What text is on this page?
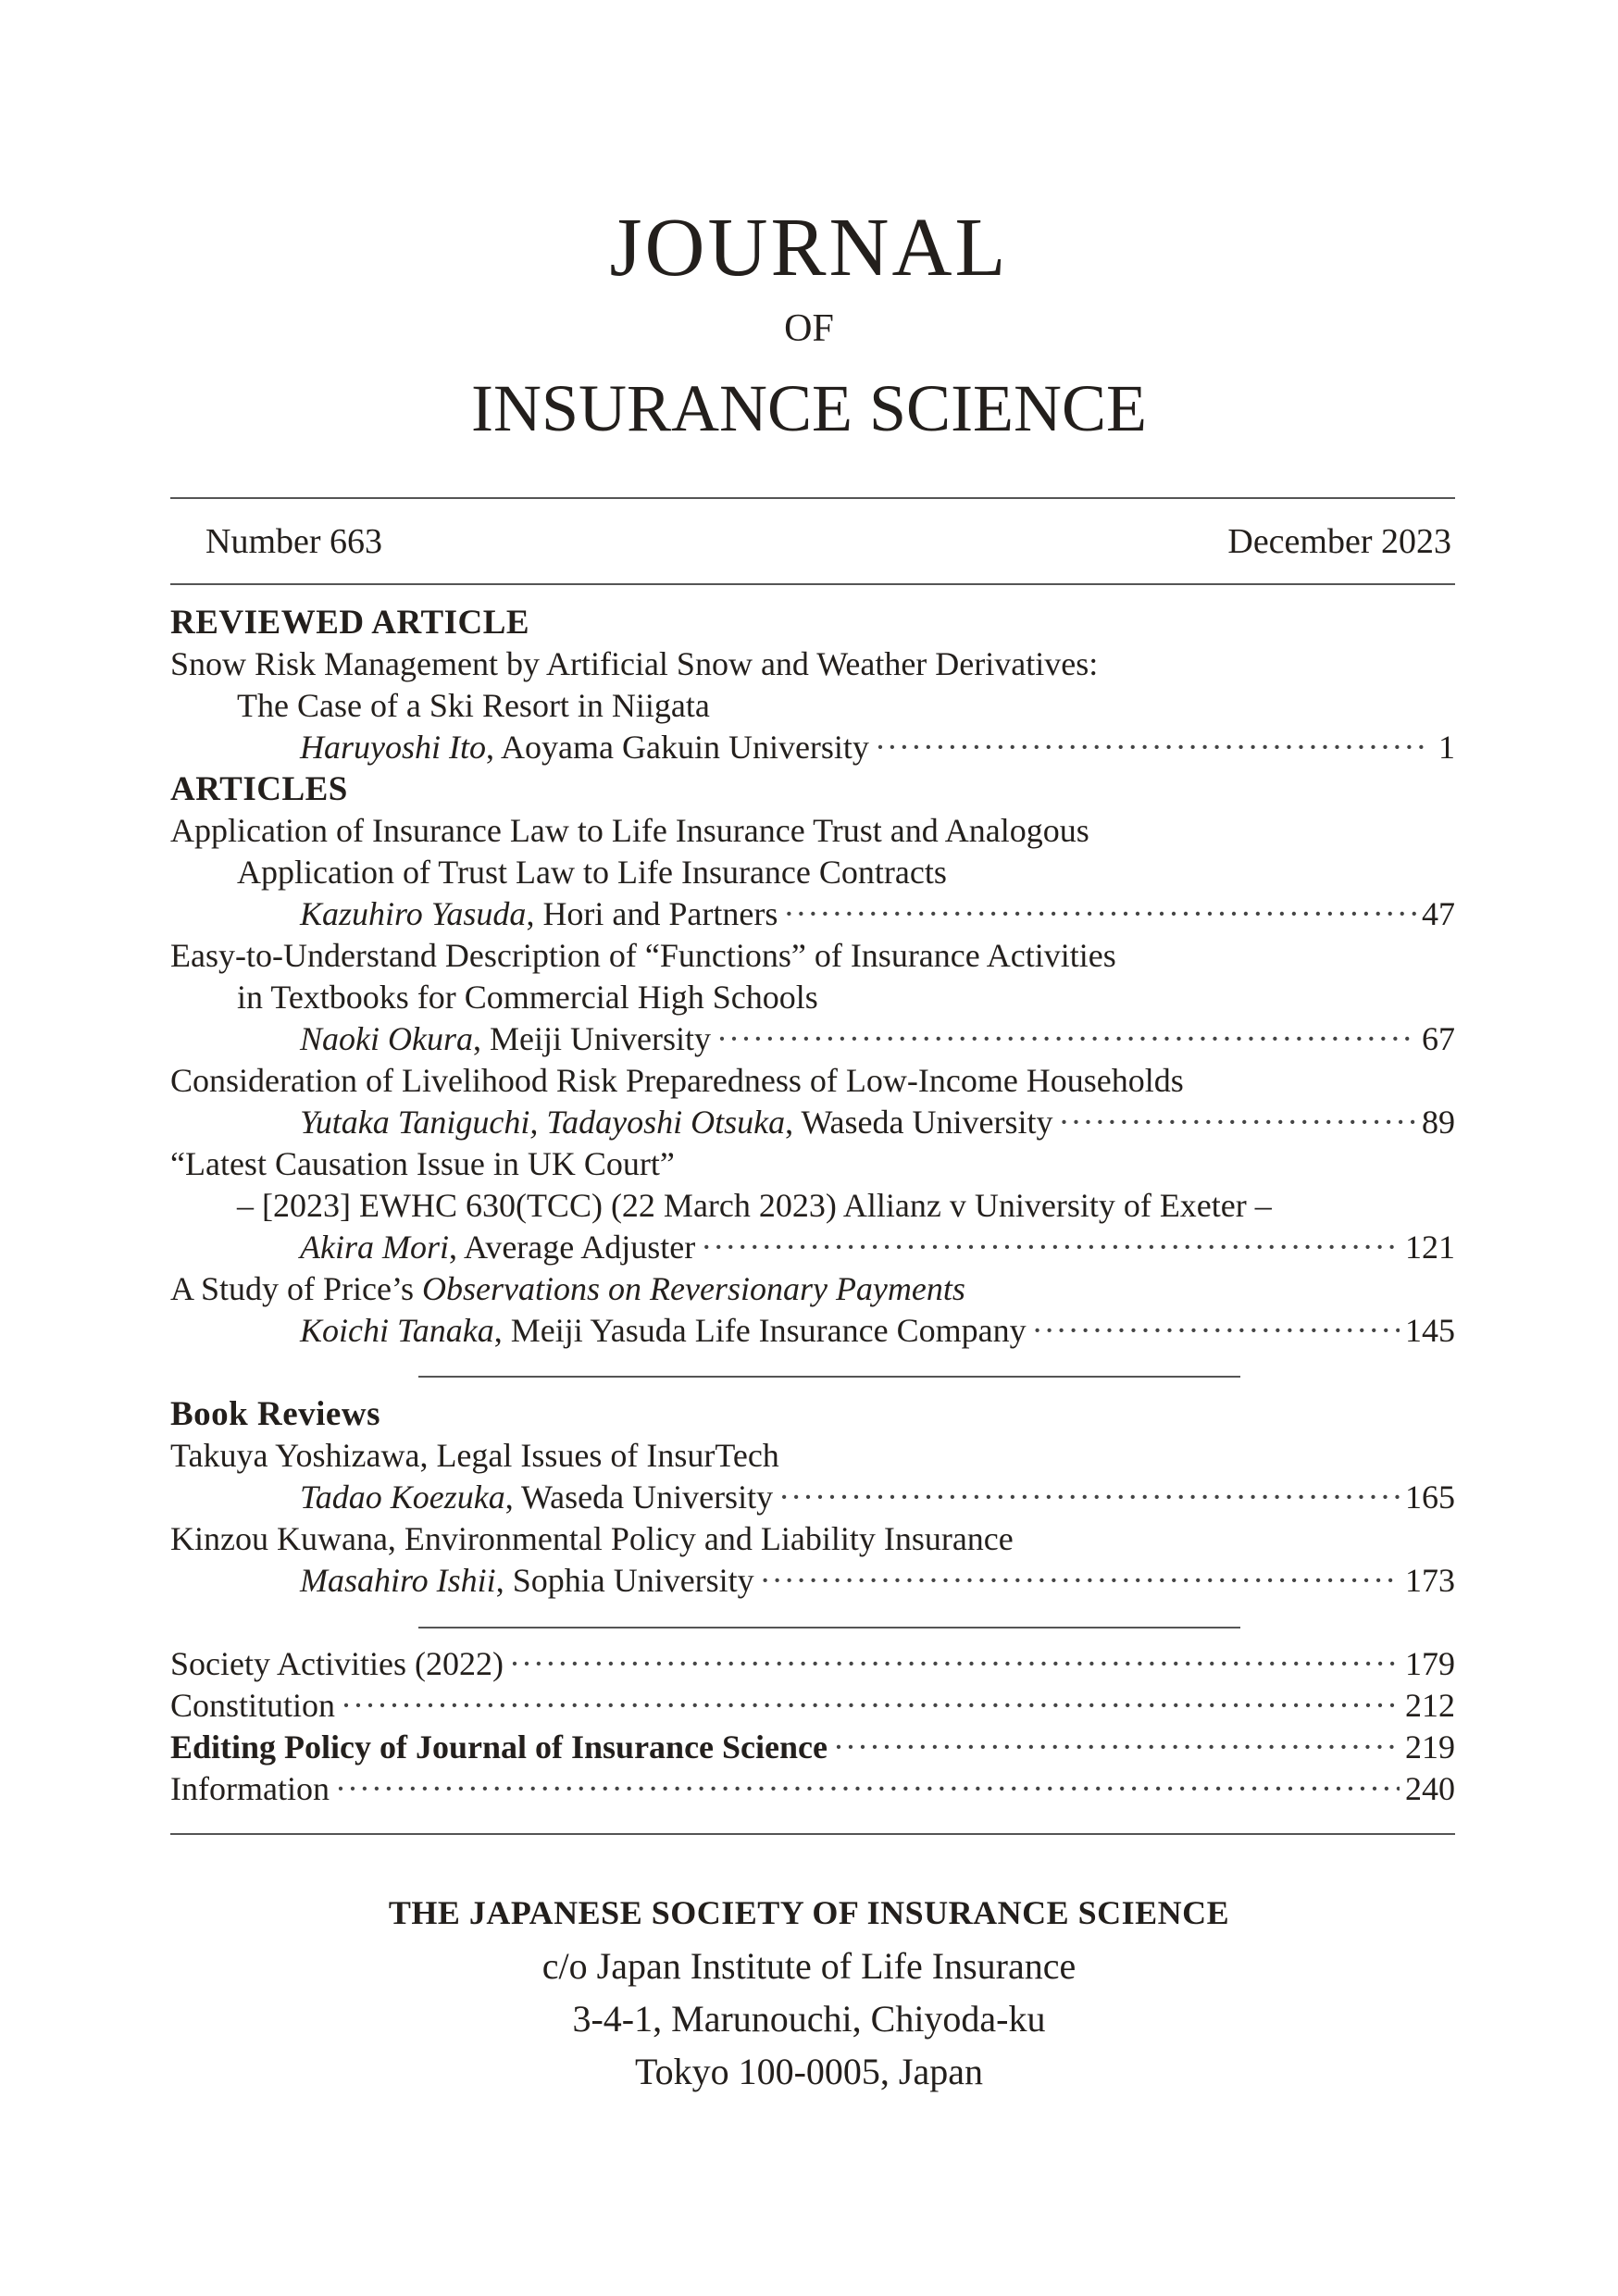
JOURNAL
OF
INSURANCE SCIENCE
Number 663	December 2023
REVIEWED ARTICLE
Snow Risk Management by Artificial Snow and Weather Derivatives:
The Case of a Ski Resort in Niigata
Haruyoshi Ito, Aoyama Gakuin University ·····	1
ARTICLES
Application of Insurance Law to Life Insurance Trust and Analogous
Application of Trust Law to Life Insurance Contracts
Kazuhiro Yasuda, Hori and Partners ·····	47
Easy-to-Understand Description of “Functions” of Insurance Activities
in Textbooks for Commercial High Schools
Naoki Okura, Meiji University ·····	67
Consideration of Livelihood Risk Preparedness of Low-Income Households
Yutaka Taniguchi, Tadayoshi Otsuka, Waseda University ·····	89
“Latest Causation Issue in UK Court”
– [2023] EWHC 630(TCC) (22 March 2023) Allianz v University of Exeter –
Akira Mori, Average Adjuster ·····	121
A Study of Price’s Observations on Reversionary Payments
Koichi Tanaka, Meiji Yasuda Life Insurance Company ·····	145
Book Reviews
Takuya Yoshizawa, Legal Issues of InsurTech
Tadao Koezuka, Waseda University ·····	165
Kinzou Kuwana, Environmental Policy and Liability Insurance
Masahiro Ishii, Sophia University ·····	173
Society Activities (2022) ·····	179
Constitution ·····	212
Editing Policy of Journal of Insurance Science ·····	219
Information ·····	240
THE JAPANESE SOCIETY OF INSURANCE SCIENCE
c/o Japan Institute of Life Insurance
3-4-1, Marunouchi, Chiyoda-ku
Tokyo 100-0005, Japan
